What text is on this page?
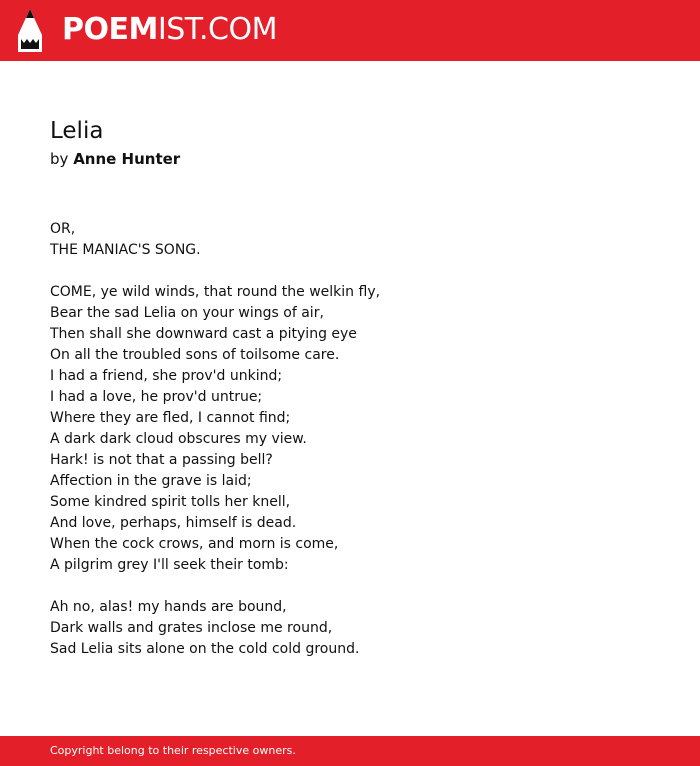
POEMIST.COM
Lelia
by Anne Hunter
OR,
THE MANIAC'S SONG.
COME, ye wild winds, that round the welkin fly,
Bear the sad Lelia on your wings of air,
Then shall she downward cast a pitying eye
On all the troubled sons of toilsome care.
I had a friend, she prov'd unkind;
I had a love, he prov'd untrue;
Where they are fled, I cannot find;
A dark dark cloud obscures my view.
Hark! is not that a passing bell?
Affection in the grave is laid;
Some kindred spirit tolls her knell,
And love, perhaps, himself is dead.
When the cock crows, and morn is come,
A pilgrim grey I'll seek their tomb:
Ah no, alas! my hands are bound,
Dark walls and grates inclose me round,
Sad Lelia sits alone on the cold cold ground.
Copyright belong to their respective owners.
